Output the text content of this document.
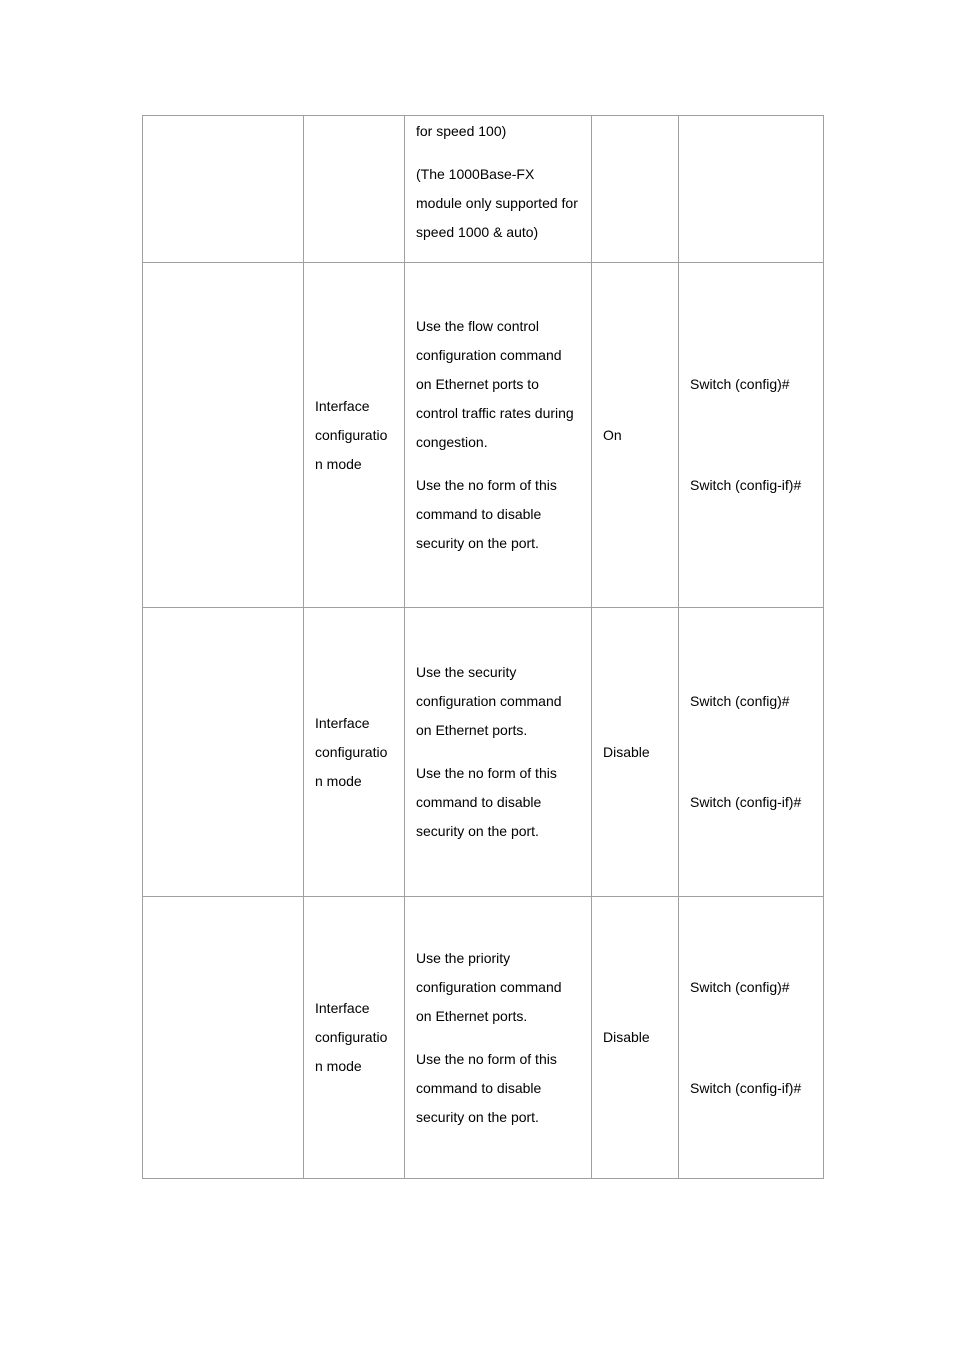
		for speed 100)
(The 1000Base-FX module only supported for speed 1000 & auto)		

	Interface
configuratio
n mode	Use the flow control configuration command on Ethernet ports to control traffic rates during congestion.
Use the no form of this command to disable security on the port.	On	Switch (config)#
Switch (config-if)#

	Interface
configuratio
n mode	Use the security configuration command on Ethernet ports.
Use the no form of this command to disable security on the port.	Disable	Switch (config)#
Switch (config-if)#

	Interface
configuratio
n mode	Use the priority configuration command on Ethernet ports.
Use the no form of this command to disable security on the port.	Disable	Switch (config)#
Switch (config-if)#
